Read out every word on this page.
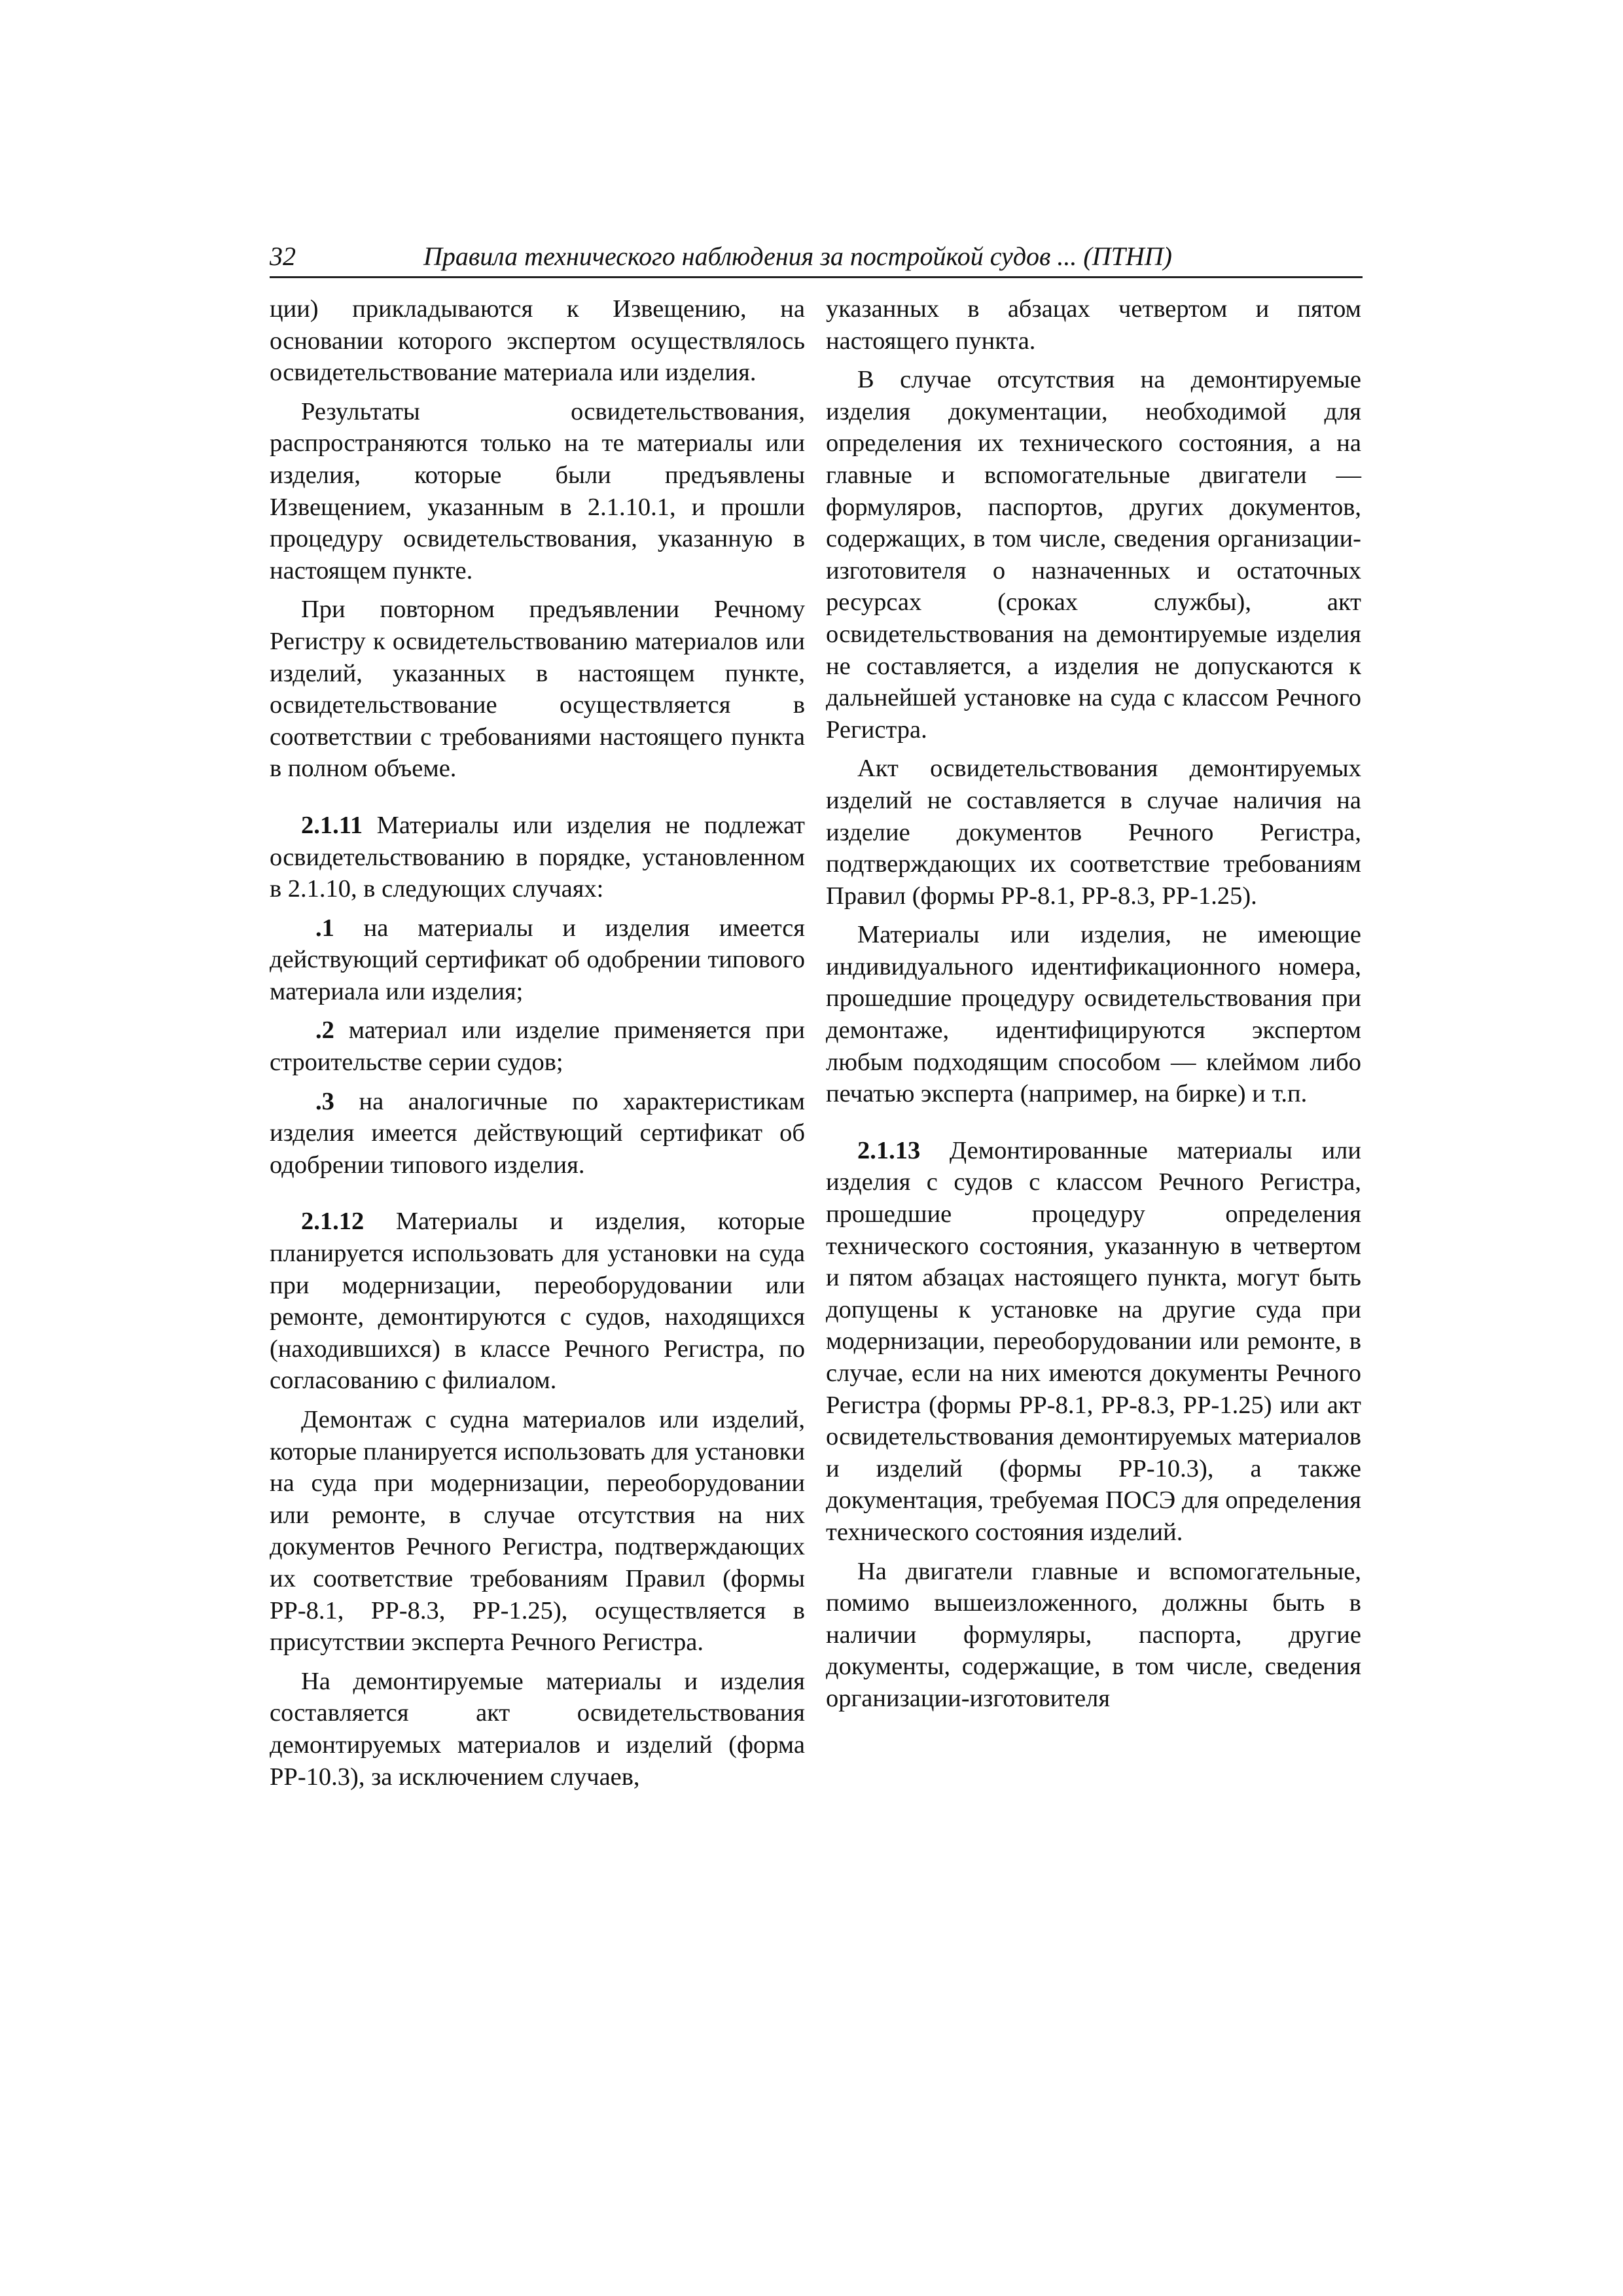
32	Правила технического наблюдения за постройкой судов ... (ПТНП)

ции) прикладываются к Извещению, на основании которого экспертом осуществлялось освидетельствование материала или изделия.

Результаты освидетельствования, распространяются только на те материалы или изделия, которые были предъявлены Извещением, указанным в 2.1.10.1, и прошли процедуру освидетельствования, указанную в настоящем пункте.

При повторном предъявлении Речному Регистру к освидетельствованию материалов или изделий, указанных в настоящем пункте, освидетельствование осуществляется в соответствии с требованиями настоящего пункта в полном объеме.

2.1.11 Материалы или изделия не подлежат освидетельствованию в порядке, установленном в 2.1.10, в следующих случаях:

.1 на материалы и изделия имеется действующий сертификат об одобрении типового материала или изделия;

.2 материал или изделие применяется при строительстве серии судов;

.3 на аналогичные по характеристикам изделия имеется действующий сертификат об одобрении типового изделия.

2.1.12 Материалы и изделия, которые планируется использовать для установки на суда при модернизации, переоборудовании или ремонте, демонтируются с судов, находящихся (находившихся) в классе Речного Регистра, по согласованию с филиалом.

Демонтаж с судна материалов или изделий, которые планируется использовать для установки на суда при модернизации, переоборудовании или ремонте, в случае отсутствия на них документов Речного Регистра, подтверждающих их соответствие требованиям Правил (формы РР-8.1, РР-8.3, РР-1.25), осуществляется в присутствии эксперта Речного Регистра.

На демонтируемые материалы и изделия составляется акт освидетельствования демонтируемых материалов и изделий (форма РР-10.3), за исключением случаев,

указанных в абзацах четвертом и пятом настоящего пункта.

В случае отсутствия на демонтируемые изделия документации, необходимой для определения их технического состояния, а на главные и вспомогательные двигатели — формуляров, паспортов, других документов, содержащих, в том числе, сведения организации-изготовителя о назначенных и остаточных ресурсах (сроках службы), акт освидетельствования на демонтируемые изделия не составляется, а изделия не допускаются к дальнейшей установке на суда с классом Речного Регистра.

Акт освидетельствования демонтируемых изделий не составляется в случае наличия на изделие документов Речного Регистра, подтверждающих их соответствие требованиям Правил (формы РР-8.1, РР-8.3, РР-1.25).

Материалы или изделия, не имеющие индивидуального идентификационного номера, прошедшие процедуру освидетельствования при демонтаже, идентифицируются экспертом любым подходящим способом — клеймом либо печатью эксперта (например, на бирке) и т.п.

2.1.13 Демонтированные материалы или изделия с судов с классом Речного Регистра, прошедшие процедуру определения технического состояния, указанную в четвертом и пятом абзацах настоящего пункта, могут быть допущены к установке на другие суда при модернизации, переоборудовании или ремонте, в случае, если на них имеются документы Речного Регистра (формы РР-8.1, РР-8.3, РР-1.25) или акт освидетельствования демонтируемых материалов и изделий (формы РР-10.3), а также документация, требуемая ПОСЭ для определения технического состояния изделий.

На двигатели главные и вспомогательные, помимо вышеизложенного, должны быть в наличии формуляры, паспорта, другие документы, содержащие, в том числе, сведения организации-изготовителя
